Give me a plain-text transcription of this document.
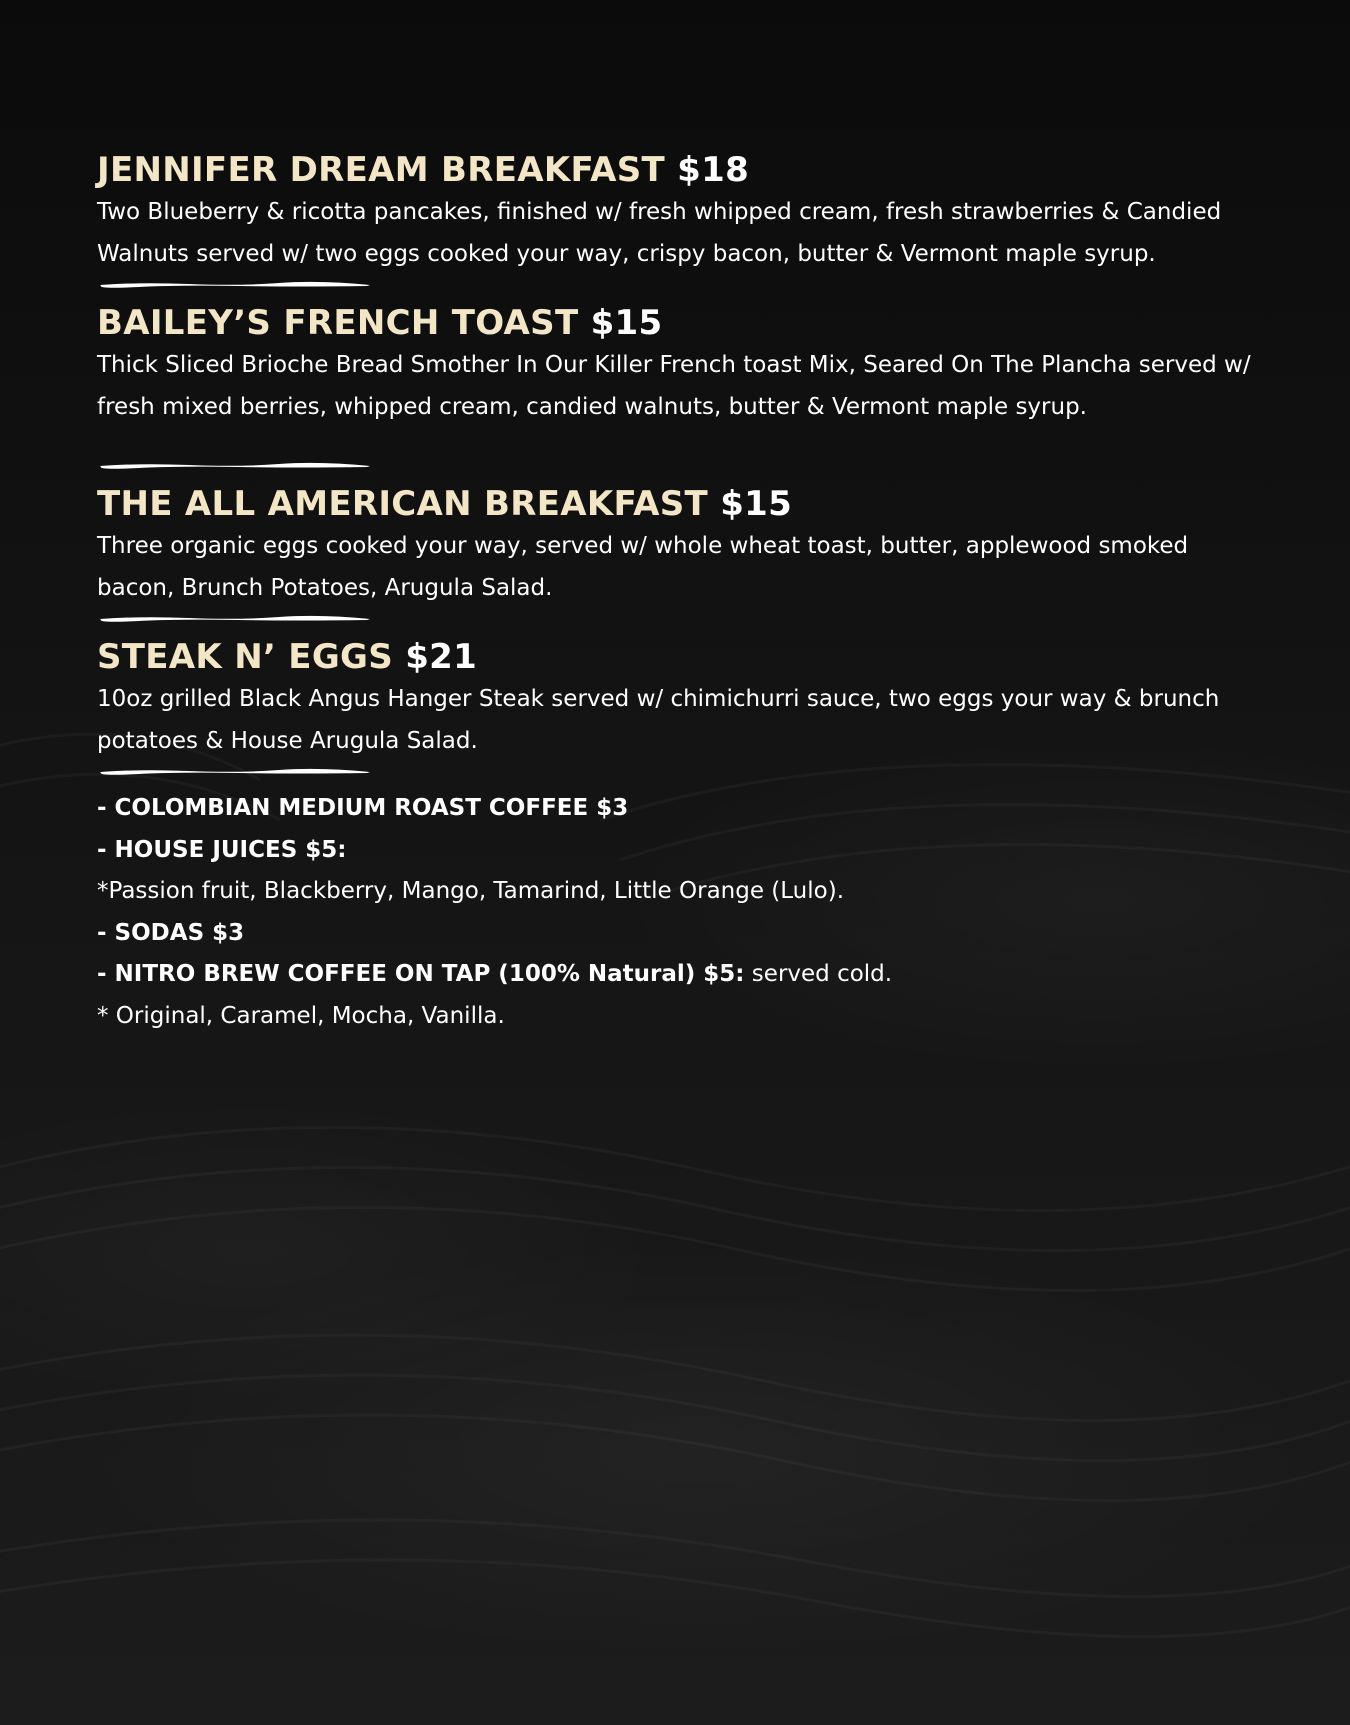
JENNIFER DREAM BREAKFAST $18

Two Blueberry & ricotta pancakes, finished w/ fresh whipped cream, fresh strawberries & Candied Walnuts served w/ two eggs cooked your way, crispy bacon, butter & Vermont maple syrup.

BAILEY’S FRENCH TOAST $15

Thick Sliced Brioche Bread Smother In Our Killer French toast Mix, Seared On The Plancha served w/ fresh mixed berries, whipped cream, candied walnuts, butter & Vermont maple syrup.

THE ALL AMERICAN BREAKFAST $15

Three organic eggs cooked your way, served w/ whole wheat toast, butter, applewood smoked bacon, Brunch Potatoes, Arugula Salad.

STEAK N’ EGGS $21

10oz grilled Black Angus Hanger Steak served w/ chimichurri sauce, two eggs your way & brunch potatoes & House Arugula Salad.

- COLOMBIAN MEDIUM ROAST COFFEE $3

- HOUSE JUICES $5:

*Passion fruit, Blackberry, Mango, Tamarind, Little Orange (Lulo).

- SODAS $3

- NITRO BREW COFFEE ON TAP (100% Natural) $5: served cold.

* Original, Caramel, Mocha, Vanilla.
